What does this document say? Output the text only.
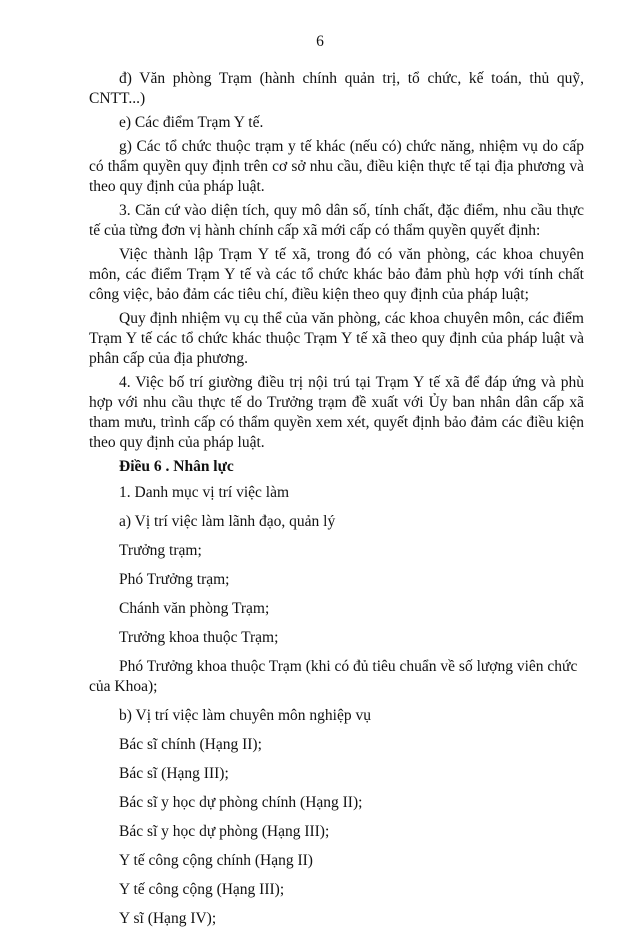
6

đ) Văn phòng Trạm (hành chính quản trị, tổ chức, kế toán, thủ quỹ, CNTT...)

e) Các điểm Trạm Y tế.

g) Các tổ chức thuộc trạm y tế khác (nếu có) chức năng, nhiệm vụ do cấp có thẩm quyền quy định trên cơ sở nhu cầu, điều kiện thực tế tại địa phương và theo quy định của pháp luật.

3. Căn cứ vào diện tích, quy mô dân số, tính chất, đặc điểm, nhu cầu thực tế của từng đơn vị hành chính cấp xã mới cấp có thẩm quyền quyết định:

Việc thành lập Trạm Y tế xã, trong đó có văn phòng, các khoa chuyên môn, các điểm Trạm Y tế và các tổ chức khác bảo đảm phù hợp với tính chất công việc, bảo đảm các tiêu chí, điều kiện theo quy định của pháp luật;

Quy định nhiệm vụ cụ thể của văn phòng, các khoa chuyên môn, các điểm Trạm Y tế các tổ chức khác thuộc Trạm Y tế xã theo quy định của pháp luật và phân cấp của địa phương.

4. Việc bố trí giường điều trị nội trú tại Trạm Y tế xã để đáp ứng và phù hợp với nhu cầu thực tế do Trưởng trạm đề xuất với Ủy ban nhân dân cấp xã tham mưu, trình cấp có thẩm quyền xem xét, quyết định bảo đảm các điều kiện theo quy định của pháp luật.

Điều 6 . Nhân lực

1. Danh mục vị trí việc làm

a) Vị trí việc làm lãnh đạo, quản lý

Trưởng trạm;

Phó Trưởng trạm;

Chánh văn phòng Trạm;

Trưởng khoa thuộc Trạm;

Phó Trưởng khoa thuộc Trạm (khi có đủ tiêu chuẩn về số lượng viên chức của Khoa);

b) Vị trí việc làm chuyên môn nghiệp vụ

Bác sĩ chính (Hạng II);

Bác sĩ (Hạng III);

Bác sĩ y học dự phòng chính (Hạng II);

Bác sĩ y học dự phòng (Hạng III);

Y tế công cộng chính (Hạng II)

Y tế công cộng (Hạng III);

Y sĩ (Hạng IV);
